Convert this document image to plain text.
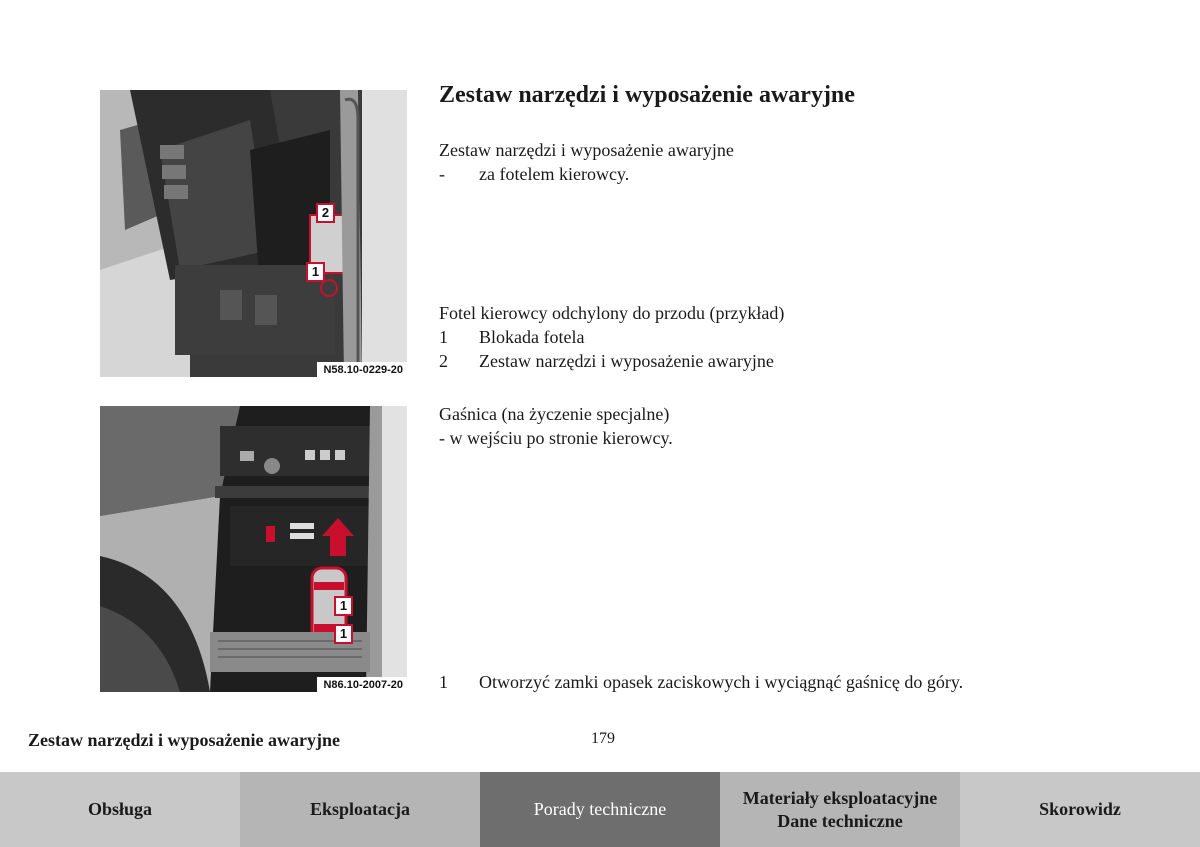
2
1
N58.10-0229-20
1
1
N86.10-2007-20
Zestaw narzędzi i wyposażenie awaryjne
Zestaw narzędzi i wyposażenie awaryjne
-	za fotelem kierowcy.
Fotel kierowcy odchylony do przodu (przykład)
1	Blokada fotela
2	Zestaw narzędzi i wyposażenie awaryjne
Gaśnica (na życzenie specjalne)
- w wejściu po stronie kierowcy.
1	Otworzyć zamki opasek zaciskowych i wyciągnąć gaśnicę do góry.
Zestaw narzędzi i wyposażenie awaryjne	179
Obsługa	Eksploatacja	Porady techniczne
Materiały eksploatacyjne
Dane techniczne
Skorowidz
